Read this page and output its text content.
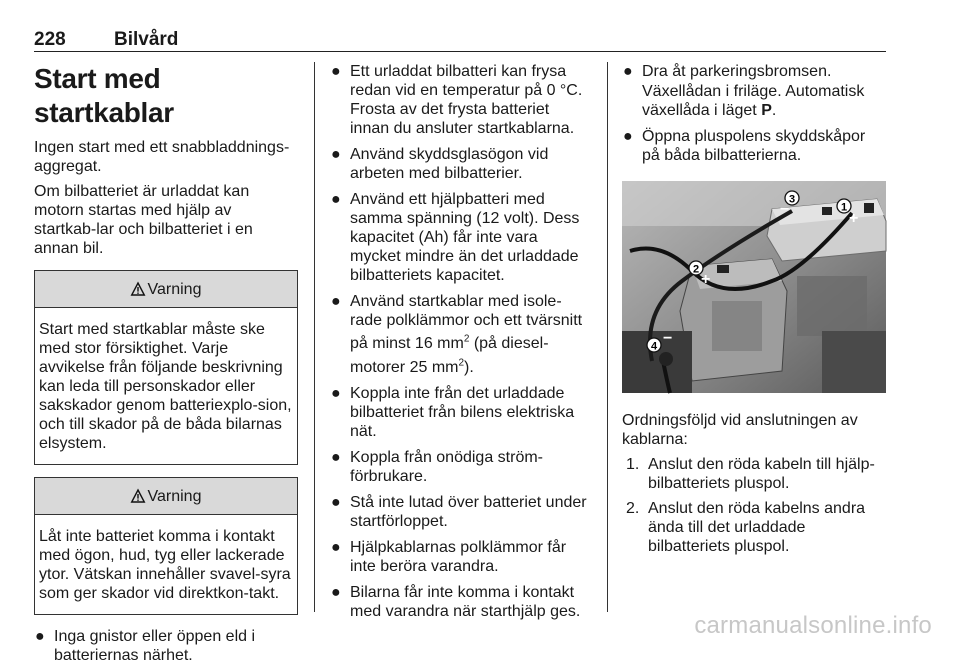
228	Bilvård
Start med startkablar

Ingen start med ett snabbladdnings-aggregat.

Om bilbatteriet är urladdat kan motorn startas med hjälp av startkab-lar och bilbatteriet i en annan bil.

Varning
Start med startkablar måste ske med stor försiktighet. Varje avvikelse från följande beskrivning kan leda till personskador eller sakskador genom batteriexplo-sion, och till skador på de båda bilarnas elsystem.
Varning
Låt inte batteriet komma i kontakt med ögon, hud, tyg eller lackerade ytor. Vätskan innehåller svavel-syra som ger skador vid direktkon-takt.
● Inga gnistor eller öppen eld i batteriernas närhet.
● Ett urladdat bilbatteri kan frysa redan vid en temperatur på 0 °C. Frosta av det frysta batteriet innan du ansluter startkablarna.
● Använd skyddsglasögon vid arbeten med bilbatterier.
● Använd ett hjälpbatteri med samma spänning (12 volt). Dess kapacitet (Ah) får inte vara mycket mindre än det urladdade bilbatteriets kapacitet.
● Använd startkablar med isole-rade polklämmor och ett tvärsnitt på minst 16 $mm^2$ (på diesel-motorer 25 $mm^2$).
● Koppla inte från det urladdade bilbatteriet från bilens elektriska nät.
● Koppla från onödiga ström-förbrukare.
● Stå inte lutad över batteriet under startförloppet.
● Hjälpkablarnas polklämmor får inte beröra varandra.
● Bilarna får inte komma i kontakt med varandra när starthjälp ges.
● Dra åt parkeringsbromsen.
Växellådan i friläge. Automatisk växellåda i läget P.
● Öppna pluspolens skyddskåpor på båda bilbatterierna.
3
−	1
+
2
+
4 −

Ordningsföljd vid anslutningen av kablarna:

1. Anslut den röda kabeln till hjälp-bilbatteriets pluspol.
2. Anslut den röda kabelns andra ända till det urladdade bilbatteriets pluspol.
carmanualsonline.info
